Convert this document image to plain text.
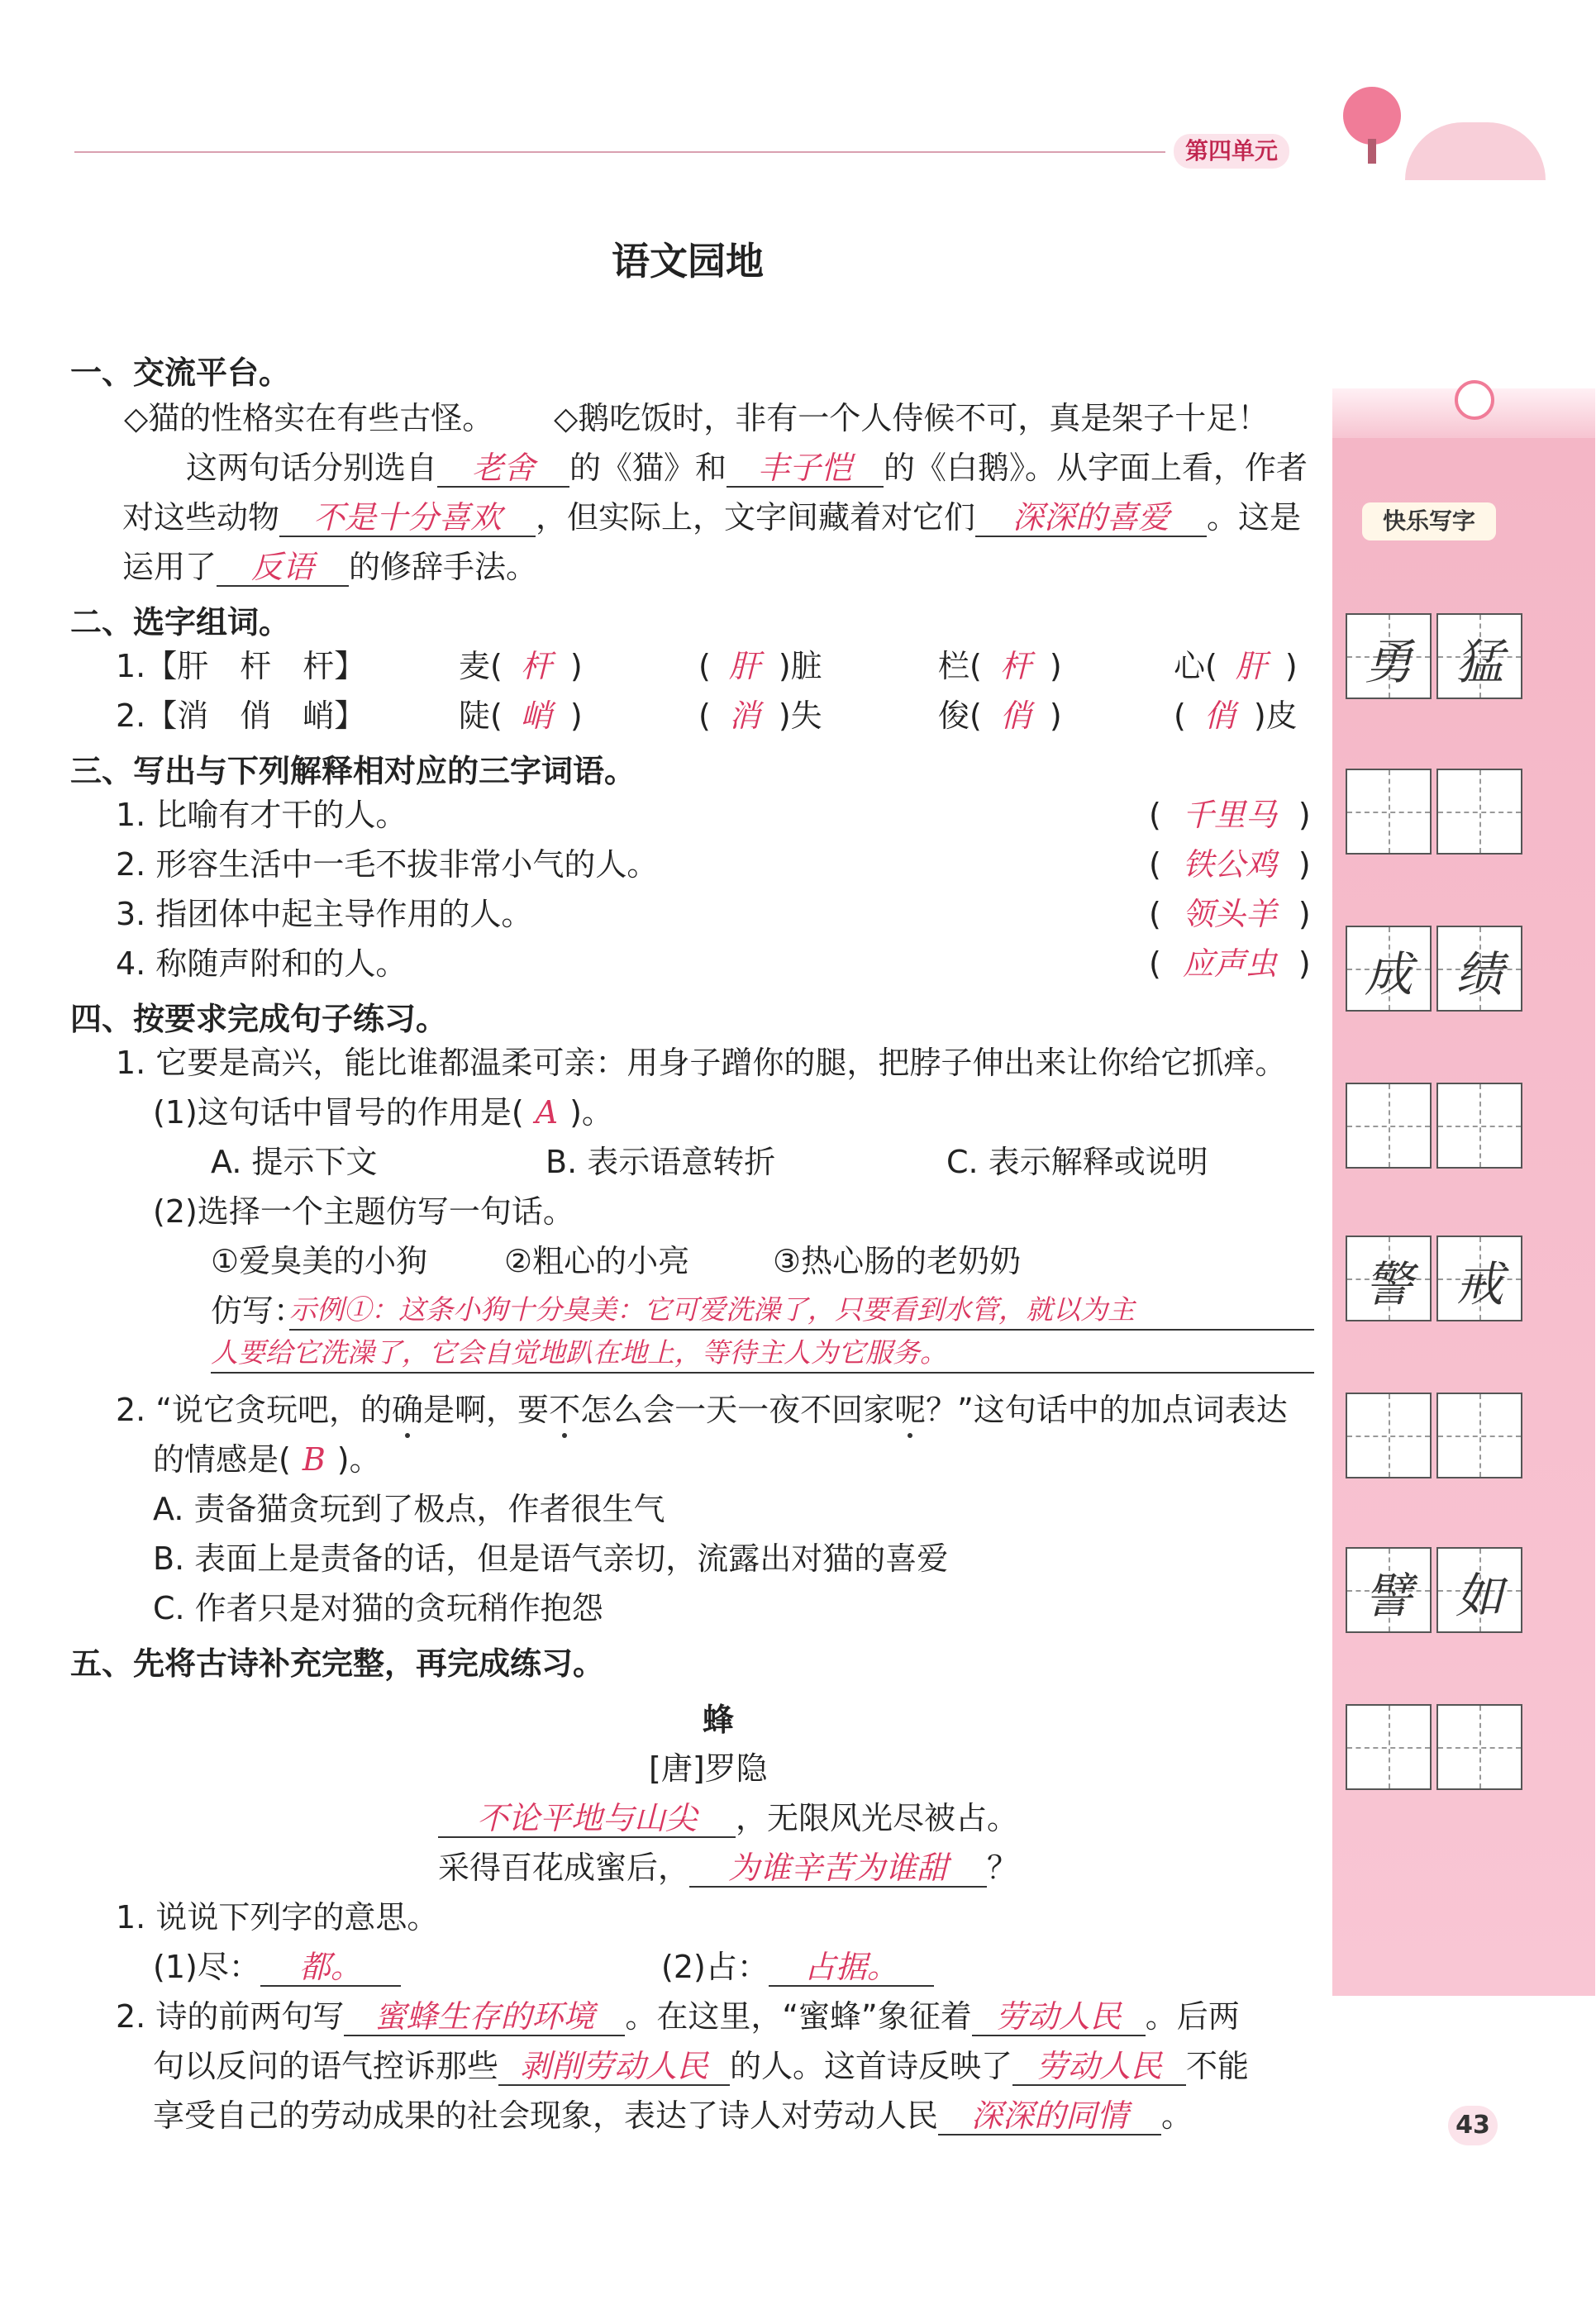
第四单元
语文园地
快乐写字
勇 猛
成 绩
警 戒
譬 如
一、交流平台。
◇猫的性格实在有些古怪。 ◇鹅吃饭时，非有一个人侍候不可，真是架子十足！
这两句话分别选自 老舍 的《猫》和 丰子恺 的《白鹅》。从字面上看，作者
对这些动物 不是十分喜欢 ，但实际上，文字间藏着对它们 深深的喜爱 。这是
运用了 反语 的修辞手法。
二、选字组词。
1.【肝　杆　杆】	麦( 杆 )	( 肝 )脏	栏( 杆 )	心( 肝 )
2.【消　俏　峭】	陡( 峭 )	( 消 )失	俊( 俏 )	( 俏 )皮
三、写出与下列解释相对应的三字词语。
1. 比喻有才干的人。	( 千里马 )
2. 形容生活中一毛不拔非常小气的人。	( 铁公鸡 )
3. 指团体中起主导作用的人。	( 领头羊 )
4. 称随声附和的人。	( 应声虫 )
四、按要求完成句子练习。
1. 它要是高兴，能比谁都温柔可亲：用身子蹭你的腿，把脖子伸出来让你给它抓痒。
(1)这句话中冒号的作用是( A )。
A. 提示下文	B. 表示语意转折	C. 表示解释或说明
(2)选择一个主题仿写一句话。
①爱臭美的小狗 ②粗心的小亮	③热心肠的老奶奶
仿写：
示例①：这条小狗十分臭美：它可爱洗澡了，只要看到水管，就以为主
人要给它洗澡了，它会自觉地趴在地上，等待主人为它服务。
2. “说它贪玩吧，的确是啊，要不怎么会一天一夜不回家呢？”这句话中的加点词表达
的情感是( B )。
A. 责备猫贪玩到了极点，作者很生气
B. 表面上是责备的话，但是语气亲切，流露出对猫的喜爱
C. 作者只是对猫的贪玩稍作抱怨
五、先将古诗补充完整，再完成练习。
蜂
[唐]罗隐
不论平地与山尖 ，无限风光尽被占。
采得百花成蜜后， 为谁辛苦为谁甜 ？
1. 说说下列字的意思。
(1)尽： 都。	(2)占： 占据。
2. 诗的前两句写 蜜蜂生存的环境 。在这里，“蜜蜂”象征着 劳动人民 。后两
句以反问的语气控诉那些 剥削劳动人民 的人。这首诗反映了 劳动人民 不能
享受自己的劳动成果的社会现象，表达了诗人对劳动人民 深深的同情 。	43
